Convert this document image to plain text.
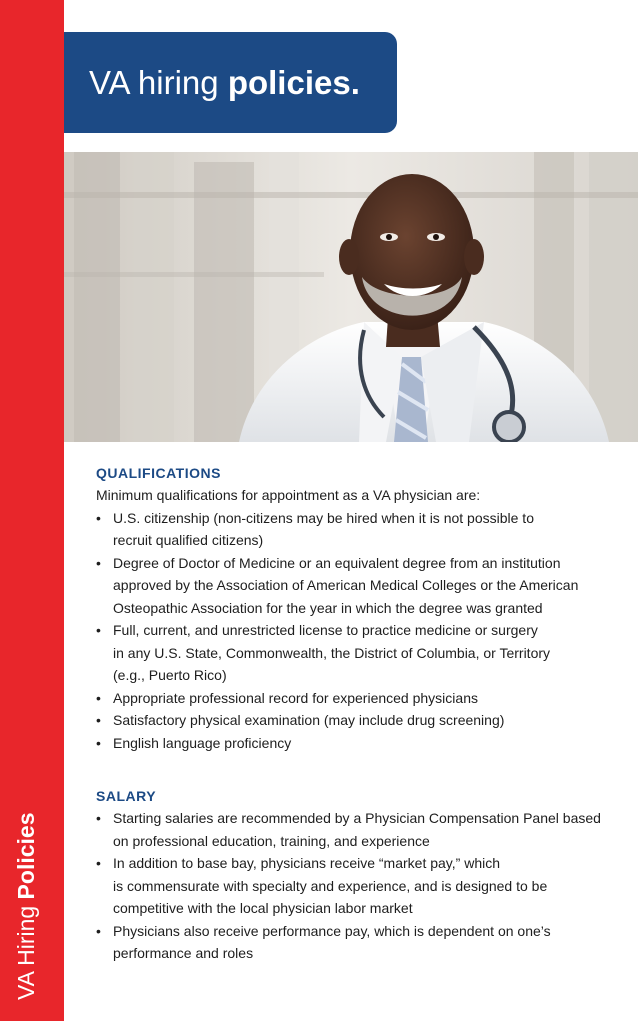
VA Hiring Policies
VA hiring policies.
QUALIFICATIONS

Minimum qualifications for appointment as a VA physician are:

• U.S. citizenship (non-citizens may be hired when it is not possible to
recruit qualified citizens)
• Degree of Doctor of Medicine or an equivalent degree from an institution
approved by the Association of American Medical Colleges or the American
Osteopathic Association for the year in which the degree was granted
• Full, current, and unrestricted license to practice medicine or surgery
in any U.S. State, Commonwealth, the District of Columbia, or Territory
(e.g., Puerto Rico)
• Appropriate professional record for experienced physicians
• Satisfactory physical examination (may include drug screening)
• English language proficiency
SALARY
• Starting salaries are recommended by a Physician Compensation Panel based
on professional education, training, and experience
• In addition to base bay, physicians receive “market pay,” which
is commensurate with specialty and experience, and is designed to be
competitive with the local physician labor market
• Physicians also receive performance pay, which is dependent on one’s
performance and roles
